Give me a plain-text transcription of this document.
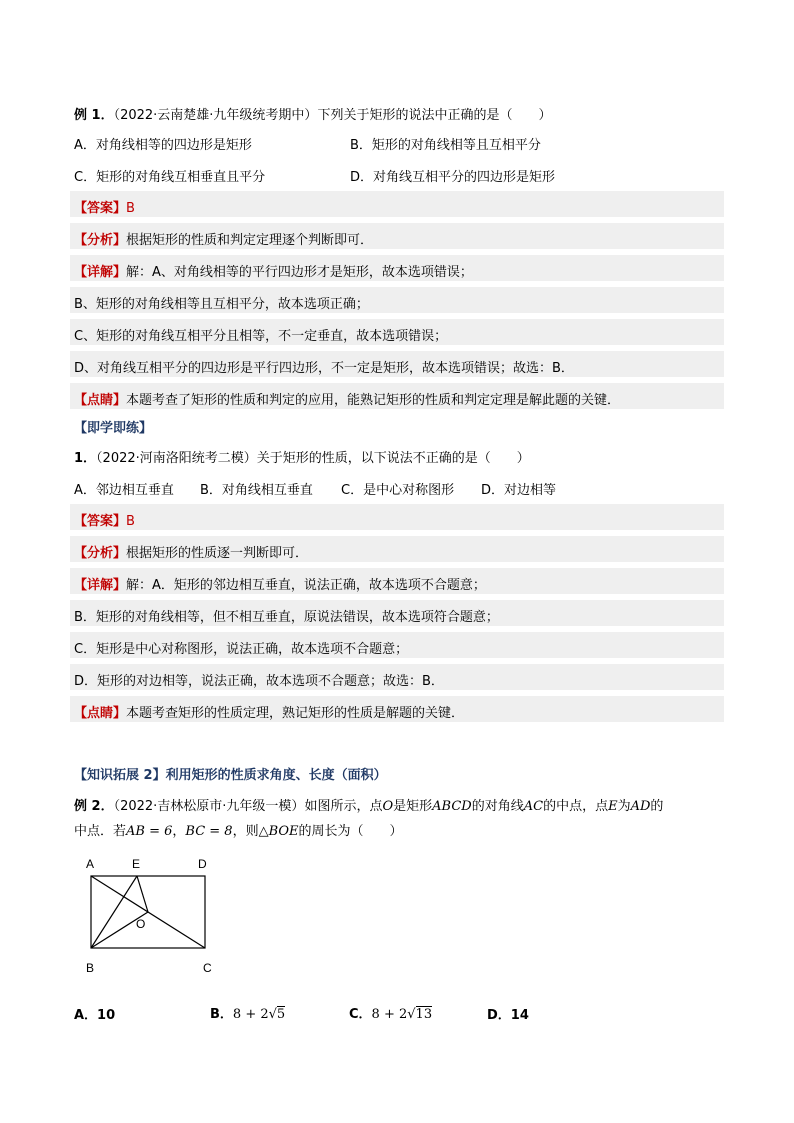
例 1．（2022·云南楚雄·九年级统考期中）下列关于矩形的说法中正确的是（　　）
A．对角线相等的四边形是矩形	B．矩形的对角线相等且互相平分
C．矩形的对角线互相垂直且平分	D．对角线互相平分的四边形是矩形
【答案】B
【分析】根据矩形的性质和判定定理逐个判断即可．
【详解】解：A、对角线相等的平行四边形才是矩形，故本选项错误；
B、矩形的对角线相等且互相平分，故本选项正确；
C、矩形的对角线互相平分且相等，不一定垂直，故本选项错误；
D、对角线互相平分的四边形是平行四边形，不一定是矩形，故本选项错误；故选：B．
【点睛】本题考查了矩形的性质和判定的应用，能熟记矩形的性质和判定定理是解此题的关键．
【即学即练】
1．（2022·河南洛阳统考二模）关于矩形的性质，以下说法不正确的是（　　）
A．邻边相互垂直 B．对角线相互垂直 C．是中心对称图形 D．对边相等
【答案】B
【分析】根据矩形的性质逐一判断即可．
【详解】解：A．矩形的邻边相互垂直，说法正确，故本选项不合题意；
B．矩形的对角线相等，但不相互垂直，原说法错误，故本选项符合题意；
C．矩形是中心对称图形，说法正确，故本选项不合题意；
D．矩形的对边相等，说法正确，故本选项不合题意；故选：B．
【点睛】本题考查矩形的性质定理，熟记矩形的性质是解题的关键．
【知识拓展 2】利用矩形的性质求角度、长度（面积）
例 2．（2022·吉林松原市·九年级一模）如图所示，点O是矩形ABCD的对角线AC的中点，点E为AD的
中点．若AB = 6，BC = 8，则△BOE的周长为（　　）
A	E	D
O
B	C
A．10	B．8 + 2√5	C．8 + 2√13	D．14
